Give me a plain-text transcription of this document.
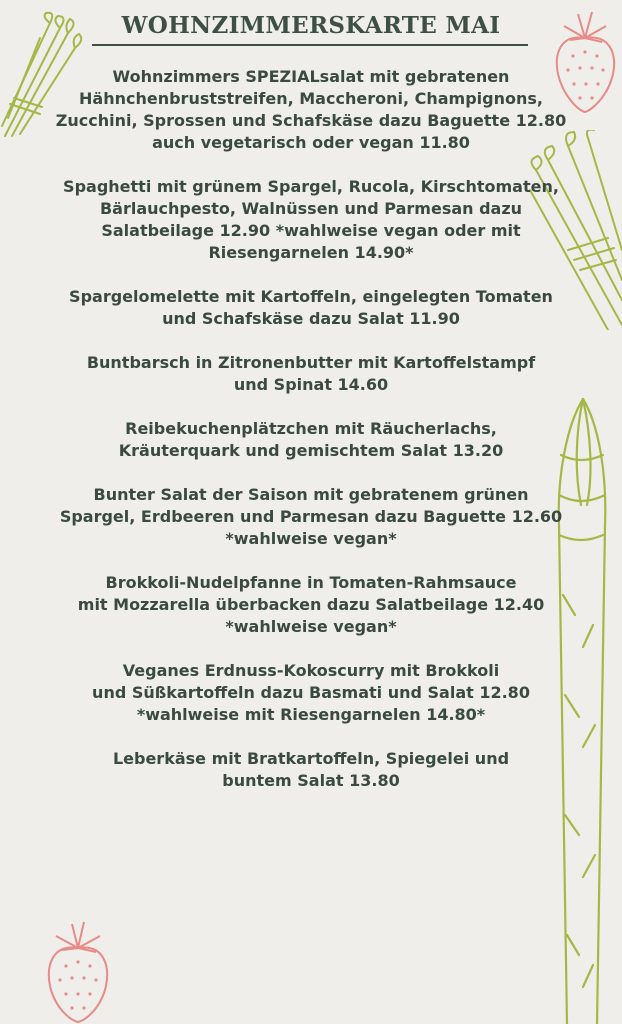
WOHNZIMMERSKARTE MAI
Wohnzimmers SPEZIALsalat mit gebratenen
Hähnchenbruststreifen, Maccheroni, Champignons,
Zucchini, Sprossen und Schafskäse dazu Baguette 12.80
auch vegetarisch oder vegan 11.80
Spaghetti mit grünem Spargel, Rucola, Kirschtomaten,
Bärlauchpesto, Walnüssen und Parmesan dazu
Salatbeilage 12.90 *wahlweise vegan oder mit
Riesengarnelen 14.90*
Spargelomelette mit Kartoffeln, eingelegten Tomaten
und Schafskäse dazu Salat 11.90
Buntbarsch in Zitronenbutter mit Kartoffelstampf
und Spinat 14.60
Reibekuchenplätzchen mit Räucherlachs,
Kräuterquark und gemischtem Salat 13.20
Bunter Salat der Saison mit gebratenem grünen
Spargel, Erdbeeren und Parmesan dazu Baguette 12.60
*wahlweise vegan*
Brokkoli-Nudelpfanne in Tomaten-Rahmsauce
mit Mozzarella überbacken dazu Salatbeilage 12.40
*wahlweise vegan*
Veganes Erdnuss-Kokoscurry mit Brokkoli
und Süßkartoffeln dazu Basmati und Salat 12.80
*wahlweise mit Riesengarnelen 14.80*
Leberkäse mit Bratkartoffeln, Spiegelei und
buntem Salat 13.80
